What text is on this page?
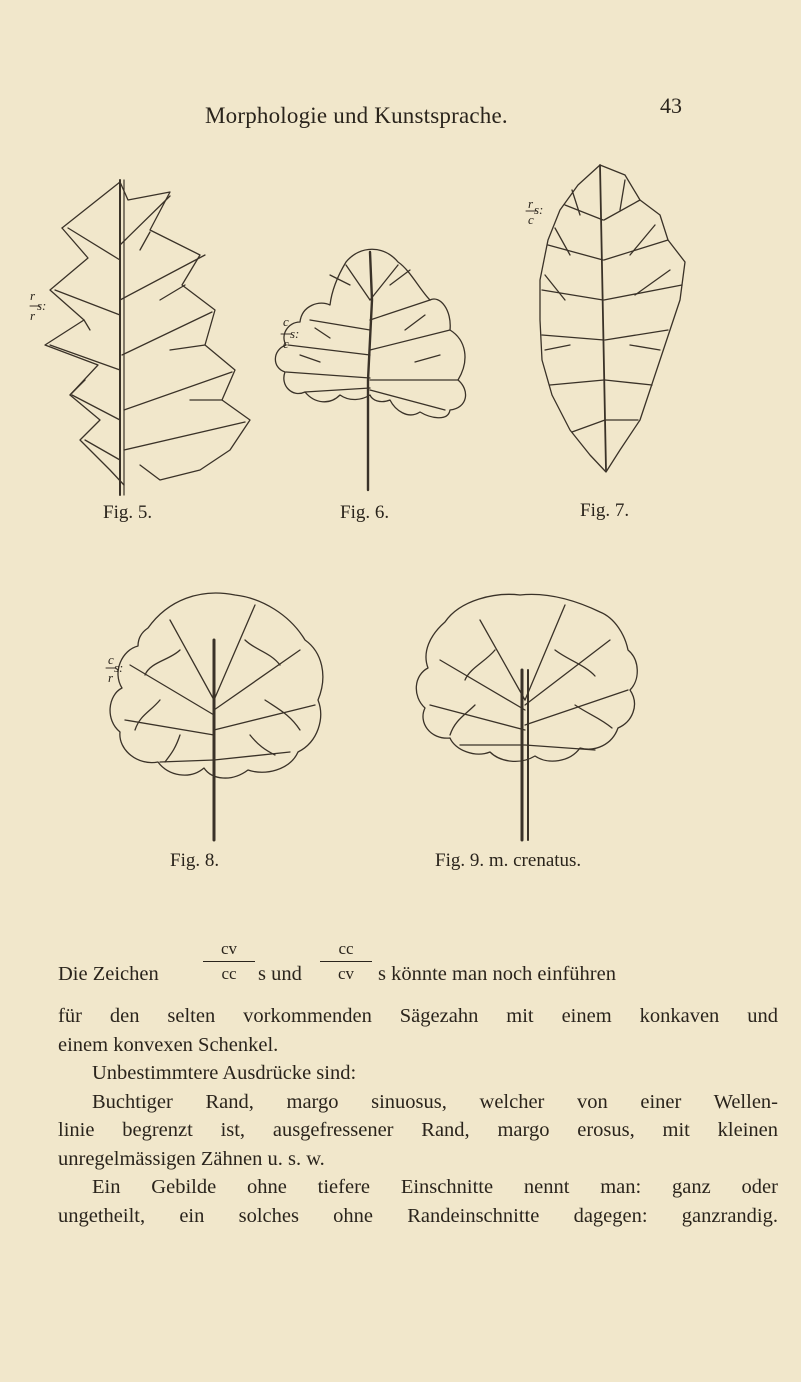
Morphologie und Kunstsprache.	43
r
s:
r	c
s:
c
r s:
c
c
s:
r
Fig. 5.	Fig. 6.	Fig. 7.
Fig. 8.	Fig. 9. m. crenatus.
Die Zeichen
cv
cc	s und
cc
cv	s könnte man noch einführen
für den selten vorkommenden Sägezahn mit einem konkaven und
einem konvexen Schenkel.
Unbestimmtere Ausdrücke sind:
Buchtiger Rand, margo sinuosus, welcher von einer Wellen-
linie begrenzt ist, ausgefressener Rand, margo erosus, mit kleinen
unregelmässigen Zähnen u. s. w.
Ein Gebilde ohne tiefere Einschnitte nennt man: ganz oder
ungetheilt, ein solches ohne Randeinschnitte dagegen: ganzrandig.
